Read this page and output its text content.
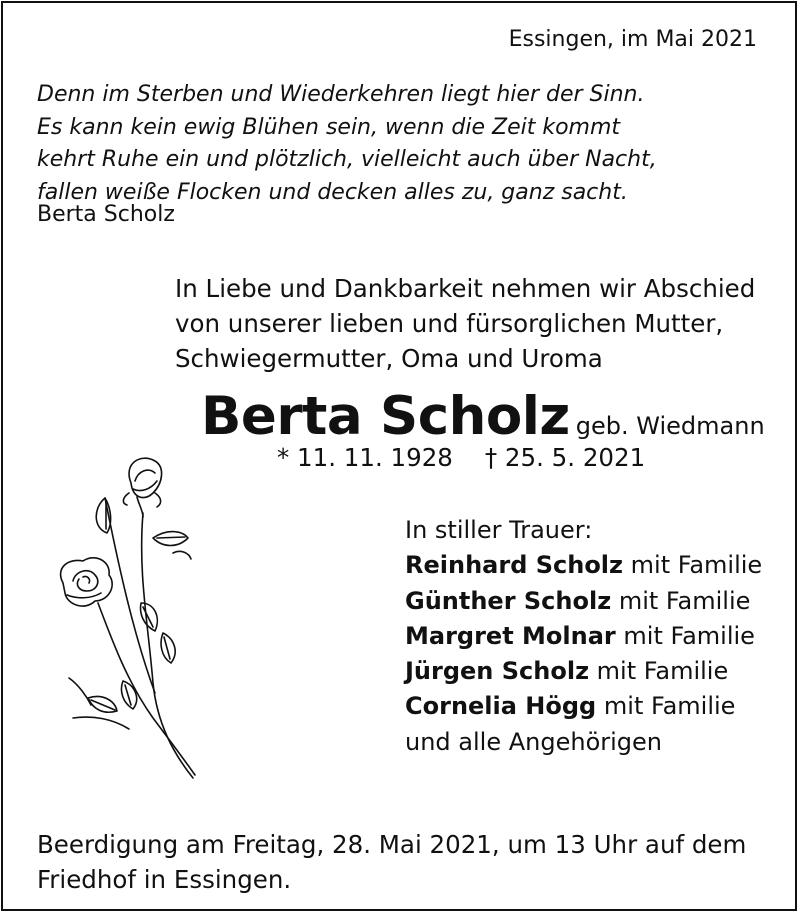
Essingen, im Mai 2021
Denn im Sterben und Wiederkehren liegt hier der Sinn.
Es kann kein ewig Blühen sein, wenn die Zeit kommt
kehrt Ruhe ein und plötzlich, vielleicht auch über Nacht,
fallen weiße Flocken und decken alles zu, ganz sacht.
Berta Scholz
In Liebe und Dankbarkeit nehmen wir Abschied
von unserer lieben und fürsorglichen Mutter,
Schwiegermutter, Oma und Uroma
Berta Scholz geb. Wiedmann
* 11. 11. 1928 † 25. 5. 2021
In stiller Trauer:
Reinhard Scholz mit Familie
Günther Scholz mit Familie
Margret Molnar mit Familie
Jürgen Scholz mit Familie
Cornelia Högg mit Familie
und alle Angehörigen
Beerdigung am Freitag, 28. Mai 2021, um 13 Uhr auf dem
Friedhof in Essingen.
